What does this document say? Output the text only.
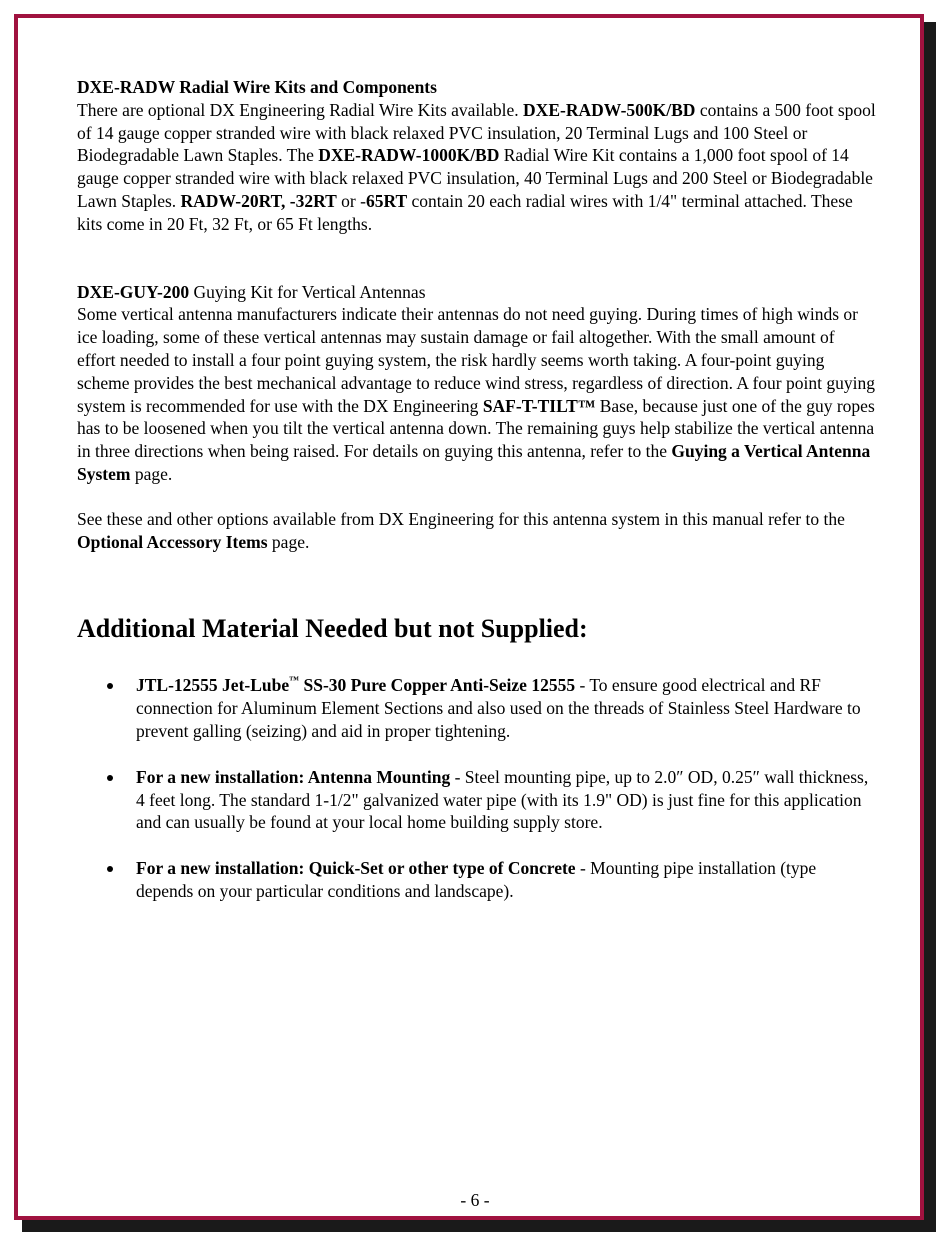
DXE-RADW Radial Wire Kits and Components

There are optional DX Engineering Radial Wire Kits available. DXE-RADW-500K/BD contains a 500 foot spool of 14 gauge copper stranded wire with black relaxed PVC insulation, 20 Terminal Lugs and 100 Steel or Biodegradable Lawn Staples. The DXE-RADW-1000K/BD Radial Wire Kit contains a 1,000 foot spool of 14 gauge copper stranded wire with black relaxed PVC insulation, 40 Terminal Lugs and 200 Steel or Biodegradable Lawn Staples. RADW-20RT, -32RT or -65RT contain 20 each radial wires with 1/4" terminal attached. These kits come in 20 Ft, 32 Ft, or 65 Ft lengths.

DXE-GUY-200 Guying Kit for Vertical Antennas

Some vertical antenna manufacturers indicate their antennas do not need guying. During times of high winds or ice loading, some of these vertical antennas may sustain damage or fail altogether. With the small amount of effort needed to install a four point guying system, the risk hardly seems worth taking. A four-point guying scheme provides the best mechanical advantage to reduce wind stress, regardless of direction. A four point guying system is recommended for use with the DX Engineering SAF-T-TILT™ Base, because just one of the guy ropes has to be loosened when you tilt the vertical antenna down. The remaining guys help stabilize the vertical antenna in three directions when being raised. For details on guying this antenna, refer to the Guying a Vertical Antenna System page.

See these and other options available from DX Engineering for this antenna system in this manual refer to the Optional Accessory Items page.

Additional Material Needed but not Supplied:
JTL-12555 Jet-Lube™ SS-30 Pure Copper Anti-Seize 12555 - To ensure good electrical and RF connection for Aluminum Element Sections and also used on the threads of Stainless Steel Hardware to prevent galling (seizing) and aid in proper tightening.
For a new installation: Antenna Mounting - Steel mounting pipe, up to 2.0″ OD, 0.25″ wall thickness, 4 feet long. The standard 1-1/2" galvanized water pipe (with its 1.9" OD) is just fine for this application and can usually be found at your local home building supply store.
For a new installation: Quick-Set or other type of Concrete - Mounting pipe installation (type depends on your particular conditions and landscape).
- 6 -
